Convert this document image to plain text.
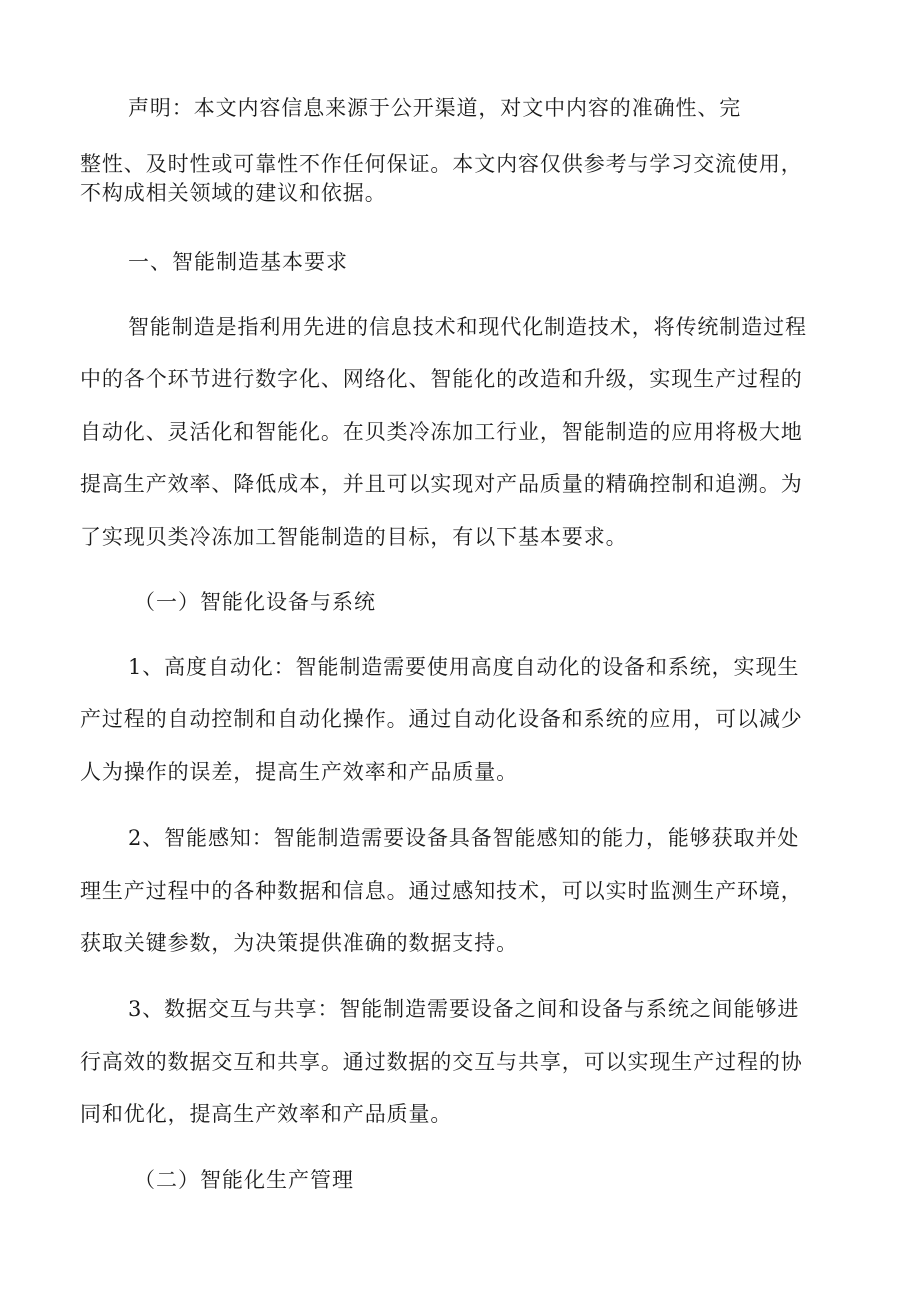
声明：本文内容信息来源于公开渠道，对文中内容的准确性、完
整性、及时性或可靠性不作任何保证。本文内容仅供参考与学习交流使用，
不构成相关领域的建议和依据。
一、智能制造基本要求
智能制造是指利用先进的信息技术和现代化制造技术，将传统制造过程
中的各个环节进行数字化、网络化、智能化的改造和升级，实现生产过程的
自动化、灵活化和智能化。在贝类冷冻加工行业，智能制造的应用将极大地
提高生产效率、降低成本，并且可以实现对产品质量的精确控制和追溯。为
了实现贝类冷冻加工智能制造的目标，有以下基本要求。
（一）智能化设备与系统
1、高度自动化：智能制造需要使用高度自动化的设备和系统，实现生
产过程的自动控制和自动化操作。通过自动化设备和系统的应用，可以减少
人为操作的误差，提高生产效率和产品质量。
2、智能感知：智能制造需要设备具备智能感知的能力，能够获取并处
理生产过程中的各种数据和信息。通过感知技术，可以实时监测生产环境，
获取关键参数，为决策提供准确的数据支持。
3、数据交互与共享：智能制造需要设备之间和设备与系统之间能够进
行高效的数据交互和共享。通过数据的交互与共享，可以实现生产过程的协
同和优化，提高生产效率和产品质量。
（二）智能化生产管理
